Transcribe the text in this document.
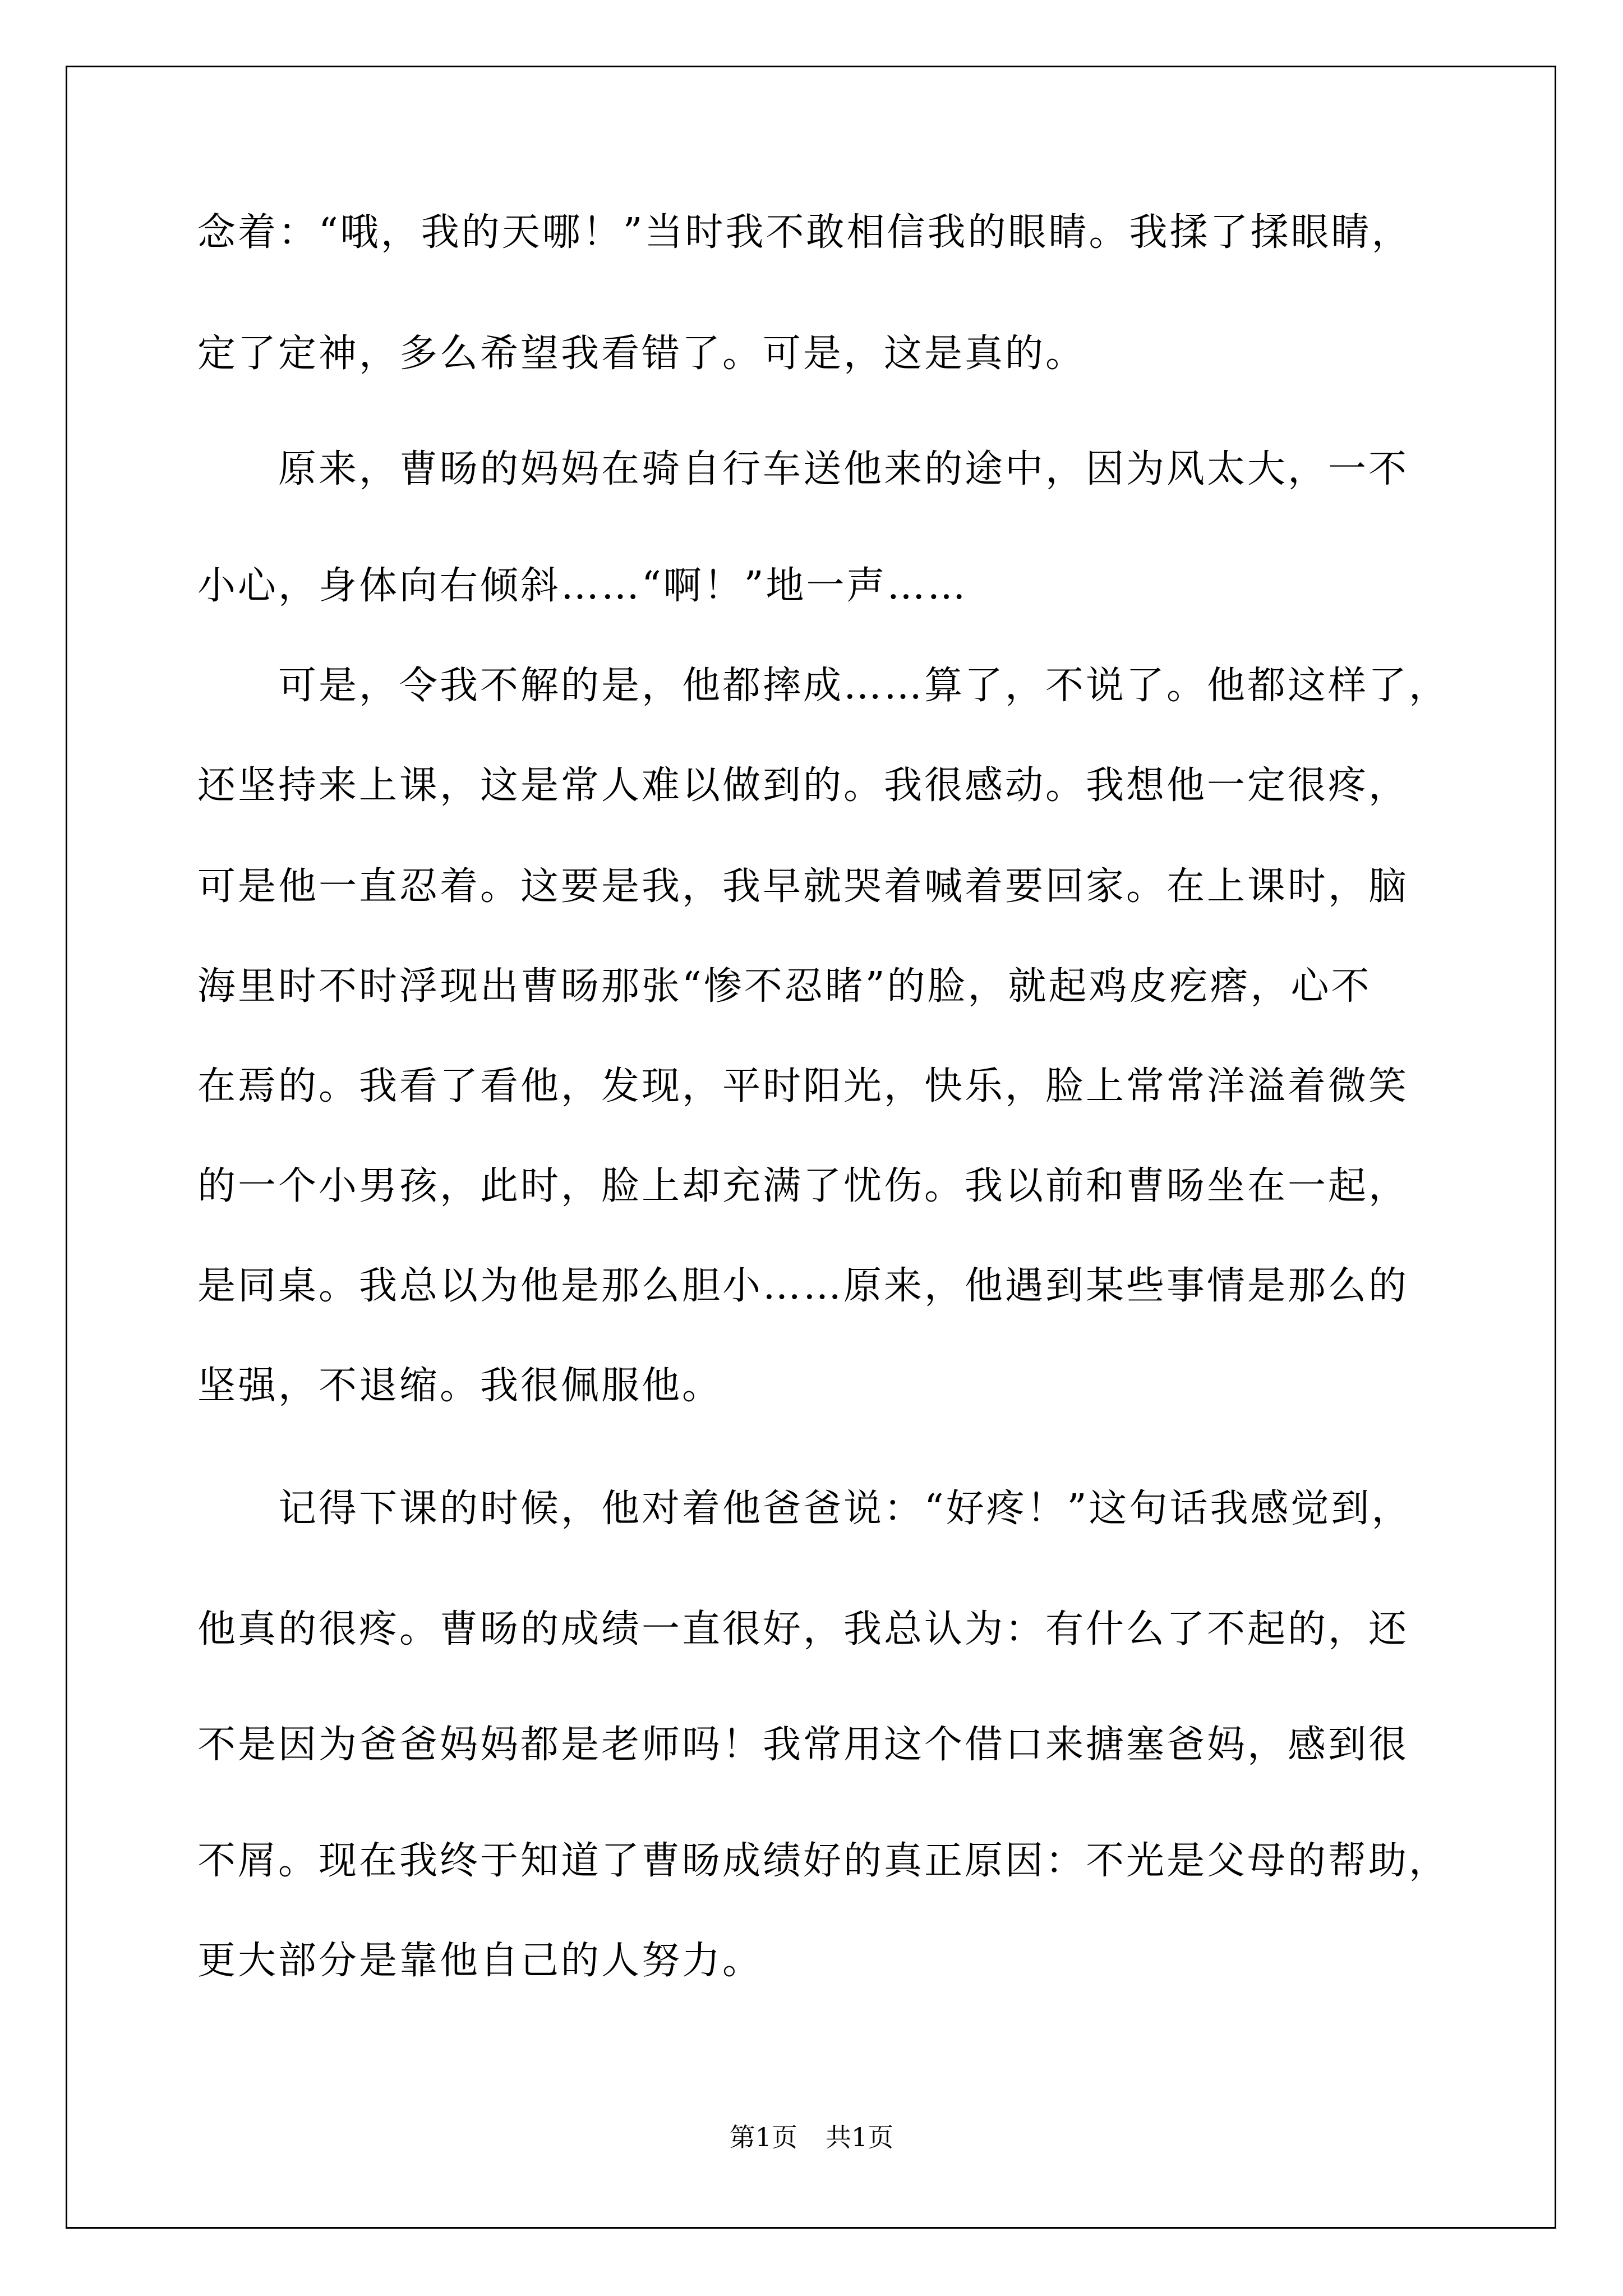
念着：“哦，我的天哪！”当时我不敢相信我的眼睛。我揉了揉眼睛，
定了定神，多么希望我看错了。可是，这是真的。
原来，曹旸的妈妈在骑自行车送他来的途中，因为风太大，一不
小心，身体向右倾斜……“啊！”地一声……
可是，令我不解的是，他都摔成……算了，不说了。他都这样了，
还坚持来上课，这是常人难以做到的。我很感动。我想他一定很疼，
可是他一直忍着。这要是我，我早就哭着喊着要回家。在上课时，脑
海里时不时浮现出曹旸那张“惨不忍睹”的脸，就起鸡皮疙瘩，心不
在焉的。我看了看他，发现，平时阳光，快乐，脸上常常洋溢着微笑
的一个小男孩，此时，脸上却充满了忧伤。我以前和曹旸坐在一起，
是同桌。我总以为他是那么胆小……原来，他遇到某些事情是那么的
坚强，不退缩。我很佩服他。
记得下课的时候，他对着他爸爸说：“好疼！”这句话我感觉到，
他真的很疼。曹旸的成绩一直很好，我总认为：有什么了不起的，还
不是因为爸爸妈妈都是老师吗！我常用这个借口来搪塞爸妈，感到很
不屑。现在我终于知道了曹旸成绩好的真正原因：不光是父母的帮助，
更大部分是靠他自己的人努力。
第1页 共1页
